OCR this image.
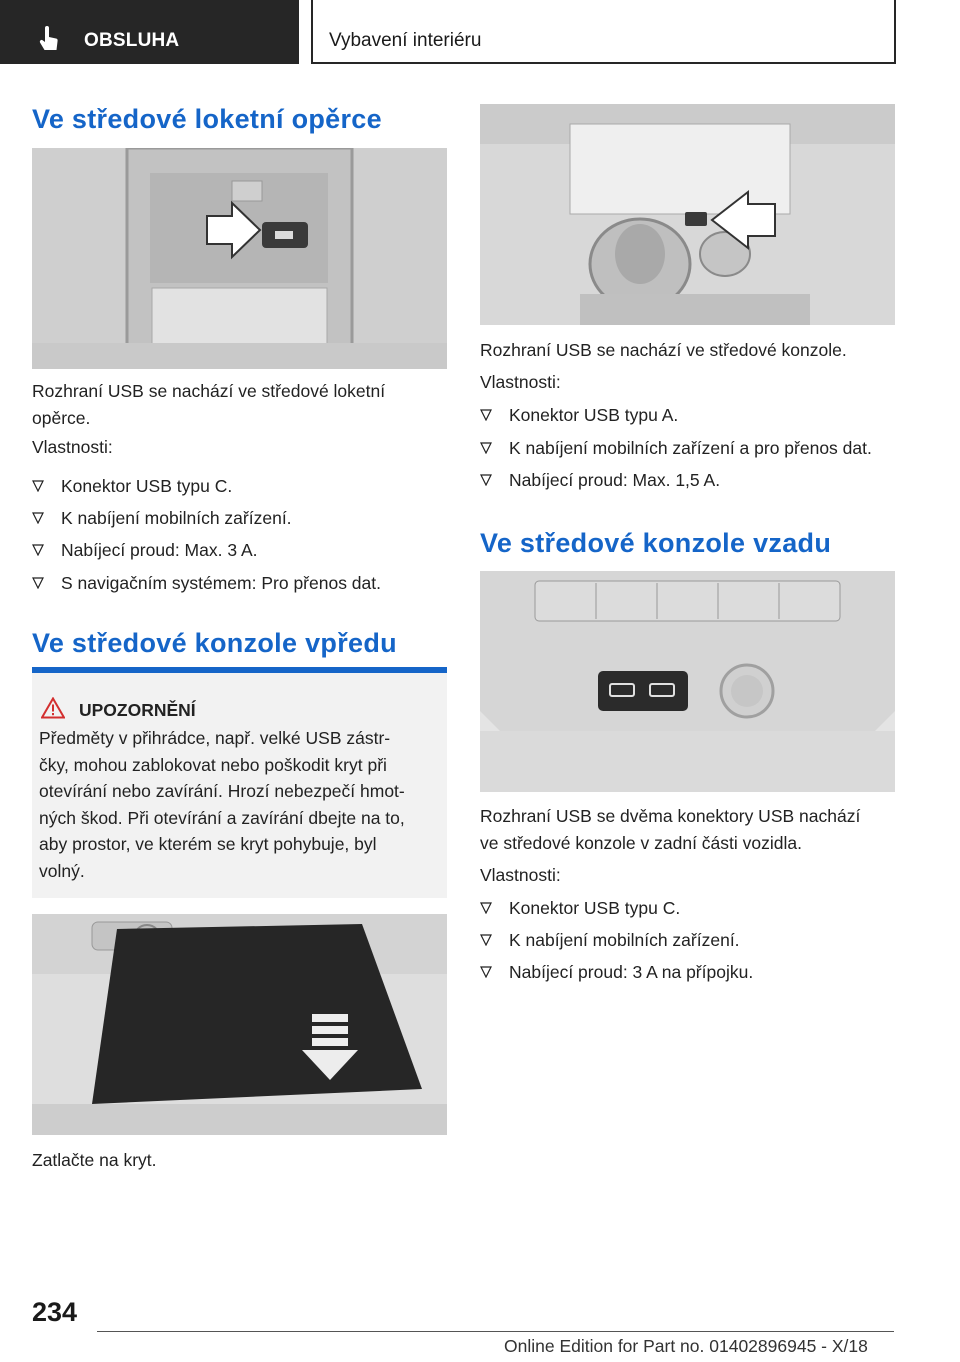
OBSLUHA	Vybavení interiéru
Ve středové loketní opěrce
Rozhraní USB se nachází ve středové loketní opěrce.
Vlastnosti:
Konektor USB typu C.
K nabíjení mobilních zařízení.
Nabíjecí proud: Max. 3 A.
S navigačním systémem: Pro přenos dat.
Ve středové konzole vpředu
UPOZORNĚNÍ
Předměty v přihrádce, např. velké USB zástr-
čky, mohou zablokovat nebo poškodit kryt při
otevírání nebo zavírání. Hrozí nebezpečí hmot-
ných škod. Při otevírání a zavírání dbejte na to,
aby prostor, ve kterém se kryt pohybuje, byl
volný.
Zatlačte na kryt.
Rozhraní USB se nachází ve středové konzole.
Vlastnosti:
Konektor USB typu A.
K nabíjení mobilních zařízení a pro přenos dat.
Nabíjecí proud: Max. 1,5 A.
Ve středové konzole vzadu
Rozhraní USB se dvěma konektory USB nachází
ve středové konzole v zadní části vozidla.
Vlastnosti:
Konektor USB typu C.
K nabíjení mobilních zařízení.
Nabíjecí proud: 3 A na přípojku.
234
Online Edition for Part no. 01402896945 - X/18
